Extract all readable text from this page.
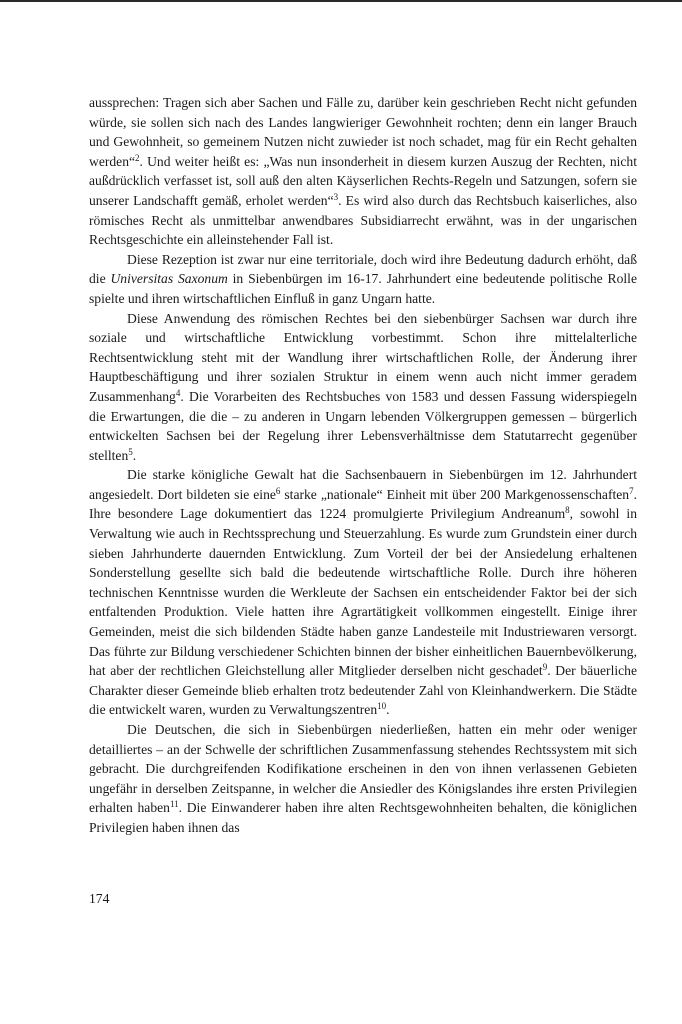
aussprechen: Tragen sich aber Sachen und Fälle zu, darüber kein geschrieben Recht nicht gefunden würde, sie sollen sich nach des Landes langwieriger Gewohnheit rochten; denn ein langer Brauch und Gewohnheit, so gemeinem Nutzen nicht zuwieder ist noch schadet, mag für ein Recht gehalten werden“$^2$. Und weiter heißt es: „Was nun insonderheit in diesem kurzen Auszug der Rechten, nicht außdrücklich verfasset ist, soll auß den alten Käyserlichen Rechts-Regeln und Satzungen, sofern sie unserer Landschafft gemäß, erholet werden“$^3$. Es wird also durch das Rechtsbuch kaiserliches, also römisches Recht als unmittelbar anwendbares Subsidiarrecht erwähnt, was in der ungarischen Rechtsgeschichte ein alleinstehender Fall ist.

Diese Rezeption ist zwar nur eine territoriale, doch wird ihre Bedeutung dadurch erhöht, daß die Universitas Saxonum in Siebenbürgen im 16-17. Jahrhundert eine bedeutende politische Rolle spielte und ihren wirtschaftlichen Einfluß in ganz Ungarn hatte.

Diese Anwendung des römischen Rechtes bei den siebenbürger Sachsen war durch ihre soziale und wirtschaftliche Entwicklung vorbestimmt. Schon ihre mittelalterliche Rechtsentwicklung steht mit der Wandlung ihrer wirtschaftlichen Rolle, der Änderung ihrer Hauptbeschäftigung und ihrer sozialen Struktur in einem wenn auch nicht immer geradem Zusammenhang$^4$. Die Vorarbeiten des Rechtsbuches von 1583 und dessen Fassung widerspiegeln die Erwartungen, die die – zu anderen in Ungarn lebenden Völkergruppen gemessen – bürgerlich entwickelten Sachsen bei der Regelung ihrer Lebensverhältnisse dem Statutarrecht gegenüber stellten$^5$.

Die starke königliche Gewalt hat die Sachsenbauern in Siebenbürgen im 12. Jahrhundert angesiedelt. Dort bildeten sie eine$^6$ starke „nationale“ Einheit mit über 200 Markgenossenschaften$^7$. Ihre besondere Lage dokumentiert das 1224 promulgierte Privilegium Andreanum$^8$, sowohl in Verwaltung wie auch in Rechtssprechung und Steuerzahlung. Es wurde zum Grundstein einer durch sieben Jahrhunderte dauernden Entwicklung. Zum Vorteil der bei der Ansiedelung erhaltenen Sonderstellung gesellte sich bald die bedeutende wirtschaftliche Rolle. Durch ihre höheren technischen Kenntnisse wurden die Werkleute der Sachsen ein entscheidender Faktor bei der sich entfaltenden Produktion. Viele hatten ihre Agrartätigkeit vollkommen eingestellt. Einige ihrer Gemeinden, meist die sich bildenden Städte haben ganze Landesteile mit Industriewaren versorgt. Das führte zur Bildung verschiedener Schichten binnen der bisher einheitlichen Bauernbevölkerung, hat aber der rechtlichen Gleichstellung aller Mitglieder derselben nicht geschadet$^9$. Der bäuerliche Charakter dieser Gemeinde blieb erhalten trotz bedeutender Zahl von Kleinhandwerkern. Die Städte die entwickelt waren, wurden zu Verwaltungszentren$^{10}$.

Die Deutschen, die sich in Siebenbürgen niederließen, hatten ein mehr oder weniger detailliertes – an der Schwelle der schriftlichen Zusammenfassung stehendes Rechtssystem mit sich gebracht. Die durchgreifenden Kodifikatione erscheinen in den von ihnen verlassenen Gebieten ungefähr in derselben Zeitspanne, in welcher die Ansiedler des Königslandes ihre ersten Privilegien erhalten haben$^{11}$. Die Einwanderer haben ihre alten Rechtsgewohnheiten behalten, die königlichen Privilegien haben ihnen das

174
